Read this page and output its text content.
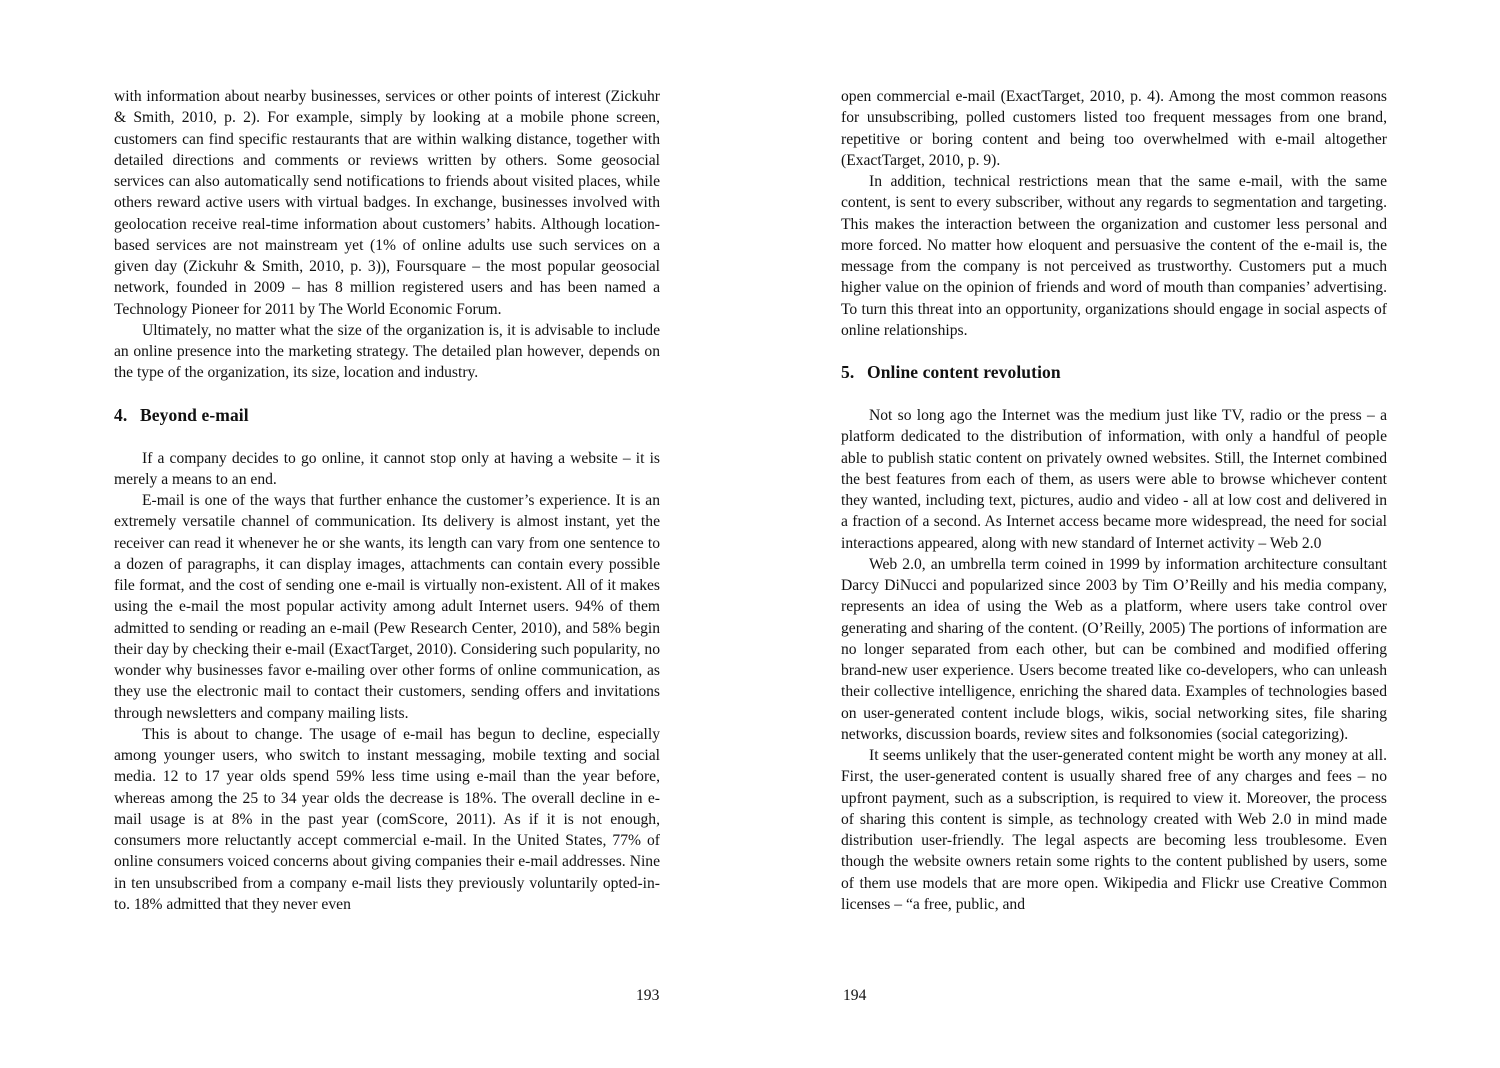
with information about nearby businesses, services or other points of interest (Zickuhr & Smith, 2010, p. 2). For example, simply by looking at a mobile phone screen, customers can find specific restaurants that are within walking distance, together with detailed directions and comments or reviews written by others. Some geosocial services can also automatically send notifications to friends about visited places, while others reward active users with virtual badges. In exchange, businesses involved with geolocation receive real-time information about customers’ habits. Although location-based services are not mainstream yet (1% of online adults use such services on a given day (Zickuhr & Smith, 2010, p. 3)), Foursquare – the most popular geosocial network, founded in 2009 – has 8 million registered users and has been named a Technology Pioneer for 2011 by The World Economic Forum.

Ultimately, no matter what the size of the organization is, it is advisable to include an online presence into the marketing strategy. The detailed plan however, depends on the type of the organization, its size, location and industry.

4. Beyond e-mail

If a company decides to go online, it cannot stop only at having a website – it is merely a means to an end.

E-mail is one of the ways that further enhance the customer’s experience. It is an extremely versatile channel of communication. Its delivery is almost instant, yet the receiver can read it whenever he or she wants, its length can vary from one sentence to a dozen of paragraphs, it can display images, attachments can contain every possible file format, and the cost of sending one e-mail is virtually non-existent. All of it makes using the e-mail the most popular activity among adult Internet users. 94% of them admitted to sending or reading an e-mail (Pew Research Center, 2010), and 58% begin their day by checking their e-mail (ExactTarget, 2010). Considering such popularity, no wonder why businesses favor e-mailing over other forms of online communication, as they use the electronic mail to contact their customers, sending offers and invitations through newsletters and company mailing lists.

This is about to change. The usage of e-mail has begun to decline, especially among younger users, who switch to instant messaging, mobile texting and social media. 12 to 17 year olds spend 59% less time using e-mail than the year before, whereas among the 25 to 34 year olds the decrease is 18%. The overall decline in e-mail usage is at 8% in the past year (comScore, 2011). As if it is not enough, consumers more reluctantly accept commercial e-mail. In the United States, 77% of online consumers voiced concerns about giving companies their e-mail addresses. Nine in ten unsubscribed from a company e-mail lists they previously voluntarily opted-in-to. 18% admitted that they never even

193

open commercial e-mail (ExactTarget, 2010, p. 4). Among the most common reasons for unsubscribing, polled customers listed too frequent messages from one brand, repetitive or boring content and being too overwhelmed with e-mail altogether (ExactTarget, 2010, p. 9).

In addition, technical restrictions mean that the same e-mail, with the same content, is sent to every subscriber, without any regards to segmentation and targeting. This makes the interaction between the organization and customer less personal and more forced. No matter how eloquent and persuasive the content of the e-mail is, the message from the company is not perceived as trustworthy. Customers put a much higher value on the opinion of friends and word of mouth than companies’ advertising. To turn this threat into an opportunity, organizations should engage in social aspects of online relationships.

5. Online content revolution

Not so long ago the Internet was the medium just like TV, radio or the press – a platform dedicated to the distribution of information, with only a handful of people able to publish static content on privately owned websites. Still, the Internet combined the best features from each of them, as users were able to browse whichever content they wanted, including text, pictures, audio and video - all at low cost and delivered in a fraction of a second. As Internet access became more widespread, the need for social interactions appeared, along with new standard of Internet activity – Web 2.0

Web 2.0, an umbrella term coined in 1999 by information architecture consultant Darcy DiNucci and popularized since 2003 by Tim O’Reilly and his media company, represents an idea of using the Web as a platform, where users take control over generating and sharing of the content. (O’Reilly, 2005) The portions of information are no longer separated from each other, but can be combined and modified offering brand-new user experience. Users become treated like co-developers, who can unleash their collective intelligence, enriching the shared data. Examples of technologies based on user-generated content include blogs, wikis, social networking sites, file sharing networks, discussion boards, review sites and folksonomies (social categorizing).

It seems unlikely that the user-generated content might be worth any money at all. First, the user-generated content is usually shared free of any charges and fees – no upfront payment, such as a subscription, is required to view it. Moreover, the process of sharing this content is simple, as technology created with Web 2.0 in mind made distribution user-friendly. The legal aspects are becoming less troublesome. Even though the website owners retain some rights to the content published by users, some of them use models that are more open. Wikipedia and Flickr use Creative Common licenses – “a free, public, and

194
